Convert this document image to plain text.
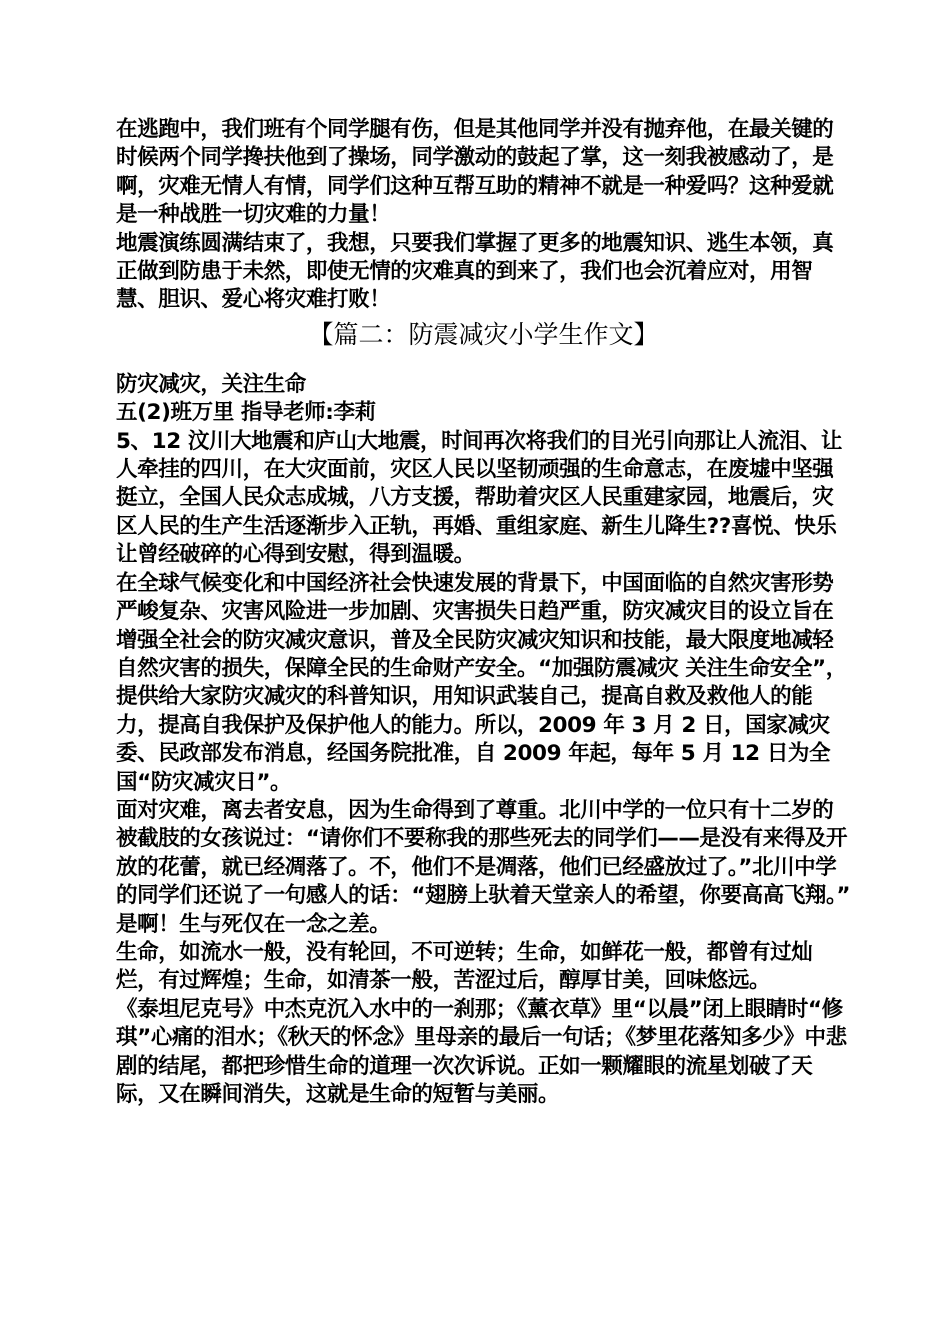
在逃跑中，我们班有个同学腿有伤，但是其他同学并没有抛弃他，在最关键的时候两个同学搀扶他到了操场，同学激动的鼓起了掌，这一刻我被感动了，是啊，灾难无情人有情，同学们这种互帮互助的精神不就是一种爱吗？这种爱就是一种战胜一切灾难的力量！

地震演练圆满结束了，我想，只要我们掌握了更多的地震知识、逃生本领，真正做到防患于未然，即使无情的灾难真的到来了，我们也会沉着应对，用智慧、胆识、爱心将灾难打败！

【篇二：防震减灾小学生作文】

防灾减灾，关注生命

五(2)班万里 指导老师:李莉

5、12 汶川大地震和庐山大地震，时间再次将我们的目光引向那让人流泪、让人牵挂的四川，在大灾面前，灾区人民以坚韧顽强的生命意志，在废墟中坚强挺立，全国人民众志成城，八方支援，帮助着灾区人民重建家园，地震后，灾区人民的生产生活逐渐步入正轨，再婚、重组家庭、新生儿降生??喜悦、快乐让曾经破碎的心得到安慰，得到温暖。

在全球气候变化和中国经济社会快速发展的背景下，中国面临的自然灾害形势严峻复杂、灾害风险进一步加剧、灾害损失日趋严重，防灾减灾目的设立旨在增强全社会的防灾减灾意识，普及全民防灾减灾知识和技能，最大限度地减轻自然灾害的损失，保障全民的生命财产安全。“加强防震减灾 关注生命安全”，提供给大家防灾减灾的科普知识，用知识武装自己，提高自救及救他人的能力，提高自我保护及保护他人的能力。所以，2009 年 3 月 2 日，国家减灾委、民政部发布消息，经国务院批准，自 2009 年起，每年 5 月 12 日为全国“防灾减灾日”。

面对灾难，离去者安息，因为生命得到了尊重。北川中学的一位只有十二岁的被截肢的女孩说过：“请你们不要称我的那些死去的同学们——是没有来得及开放的花蕾，就已经凋落了。不，他们不是凋落，他们已经盛放过了。”北川中学的同学们还说了一句感人的话：“翅膀上驮着天堂亲人的希望，你要高高飞翔。”

是啊！生与死仅在一念之差。

生命，如流水一般，没有轮回，不可逆转；生命，如鲜花一般，都曾有过灿烂，有过辉煌；生命，如清茶一般，苦涩过后，醇厚甘美，回味悠远。

《泰坦尼克号》中杰克沉入水中的一刹那；《薰衣草》里“以晨”闭上眼睛时“修琪”心痛的泪水；《秋天的怀念》里母亲的最后一句话；《梦里花落知多少》中悲剧的结尾，都把珍惜生命的道理一次次诉说。正如一颗耀眼的流星划破了天际，又在瞬间消失，这就是生命的短暂与美丽。
